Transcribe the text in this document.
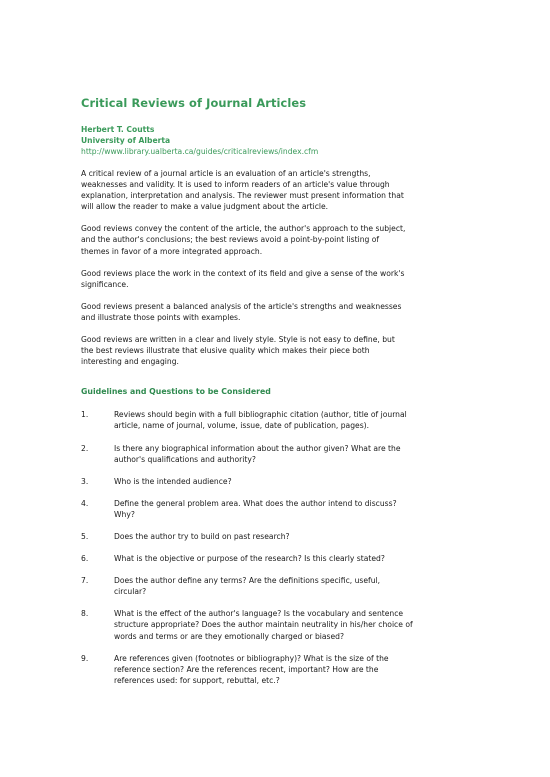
Critical Reviews of Journal Articles
Herbert T. Coutts
University of Alberta
http://www.library.ualberta.ca/guides/criticalreviews/index.cfm
A critical review of a journal article is an evaluation of an article's strengths,
weaknesses and validity. It is used to inform readers of an article's value through
explanation, interpretation and analysis. The reviewer must present information that
will allow the reader to make a value judgment about the article.
Good reviews convey the content of the article, the author's approach to the subject,
and the author's conclusions; the best reviews avoid a point-by-point listing of
themes in favor of a more integrated approach.
Good reviews place the work in the context of its field and give a sense of the work's
significance.
Good reviews present a balanced analysis of the article's strengths and weaknesses
and illustrate those points with examples.
Good reviews are written in a clear and lively style. Style is not easy to define, but
the best reviews illustrate that elusive quality which makes their piece both
interesting and engaging.
Guidelines and Questions to be Considered
1.	Reviews should begin with a full bibliographic citation (author, title of journal
article, name of journal, volume, issue, date of publication, pages).
2.	Is there any biographical information about the author given? What are the
author's qualifications and authority?
3.	Who is the intended audience?
4.	Define the general problem area. What does the author intend to discuss?
Why?
5.	Does the author try to build on past research?
6.	What is the objective or purpose of the research? Is this clearly stated?
7.	Does the author define any terms? Are the definitions specific, useful,
circular?
8.	What is the effect of the author's language? Is the vocabulary and sentence
structure appropriate? Does the author maintain neutrality in his/her choice of
words and terms or are they emotionally charged or biased?
9.	Are references given (footnotes or bibliography)? What is the size of the
reference section? Are the references recent, important? How are the
references used: for support, rebuttal, etc.?
